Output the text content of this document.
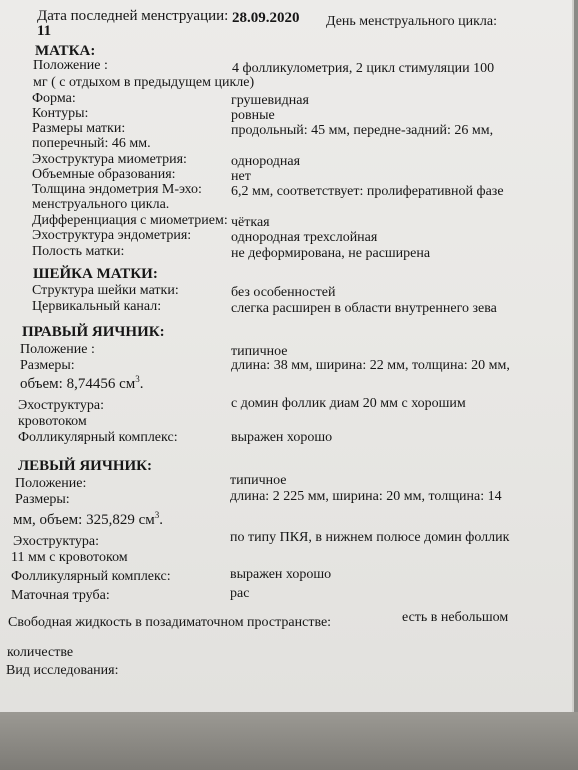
Дата последней менструации: 28.09.2020 День менструального цикла:
11
МАТКА:
Положение :	4 фолликулометрия, 2 цикл стимуляции 100
мг ( с отдыхом в предыдущем цикле)
Форма:	грушевидная
Контуры:	ровные
Размеры матки:	продольный: 45 мм, передне-задний: 26 мм,
поперечный: 46 мм.
Эхоструктура миометрия:	однородная
Объемные образования:	нет
Толщина эндометрия М-эхо: 6,2 мм, соответствует: пролиферативной фазе
менструального цикла.
Дифференциация с миометрием: чёткая
Эхоструктура эндометрия:	однородная трехслойная
Полость матки:	не деформирована, не расширена
ШЕЙКА МАТКИ:
Структура шейки матки:	без особенностей
Цервикальный канал:	слегка расширен в области внутреннего зева
ПРАВЫЙ ЯИЧНИК:
Положение :	типичное
Размеры:	длина: 38 мм, ширина: 22 мм, толщина: 20 мм,
объем: 8,74456 $см^3$.
Эхоструктура:	с домин фоллик диам 20 мм с хорошим
кровотоком
Фолликулярный комплекс:	выражен хорошо
ЛЕВЫЙ ЯИЧНИК:
Положение:	типичное
Размеры:	длина: 2 225 мм, ширина: 20 мм, толщина: 14
мм, объем: 325,829 $см^3$.
Эхоструктура:	по типу ПКЯ, в нижнем полюсе домин фоллик
11 мм с кровотоком
Фолликулярный комплекс:	выражен хорошо
Маточная труба:	рас
Свободная жидкость в позадиматочном пространстве:	есть в небольшом
количестве
Вид исследования:
